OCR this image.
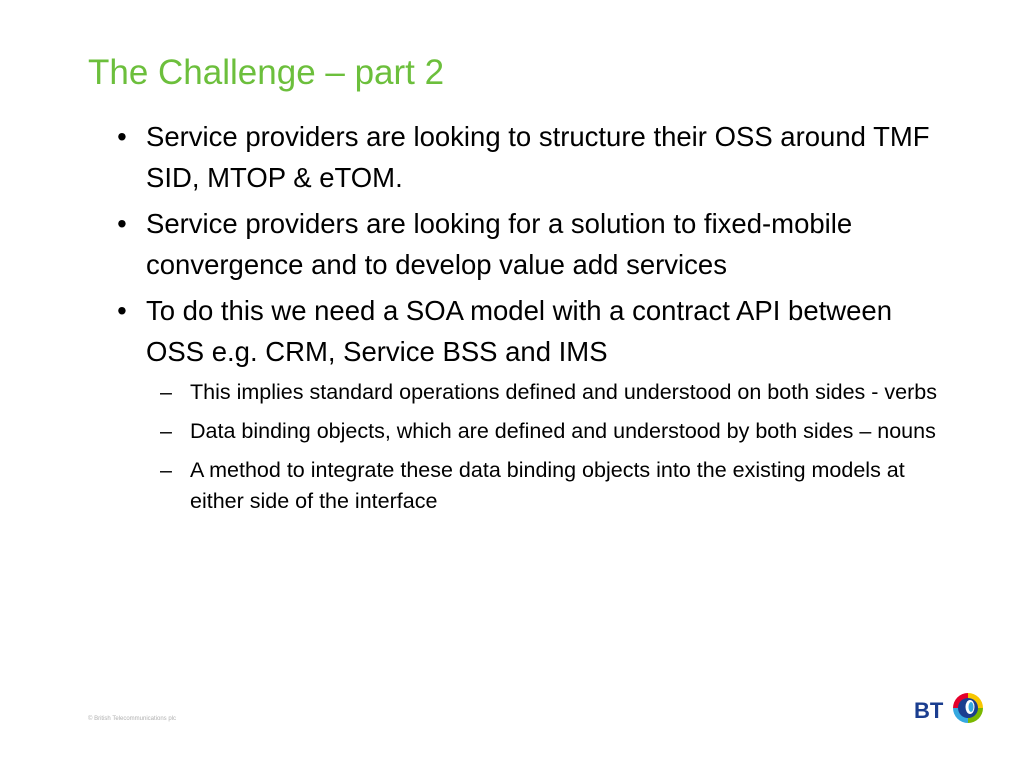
The Challenge – part 2
• Service providers are looking to structure their OSS around TMF SID, MTOP & eTOM.
• Service providers are looking for a solution to fixed-mobile convergence and to develop value add services
• To do this we need a SOA model with a contract API between OSS e.g. CRM, Service BSS and IMS
– This implies standard operations defined and understood on both sides - verbs
– Data binding objects, which are defined and understood by both sides – nouns
– A method to integrate these data binding objects into the existing models at either side of the interface
© British Telecommunications plc	BT
